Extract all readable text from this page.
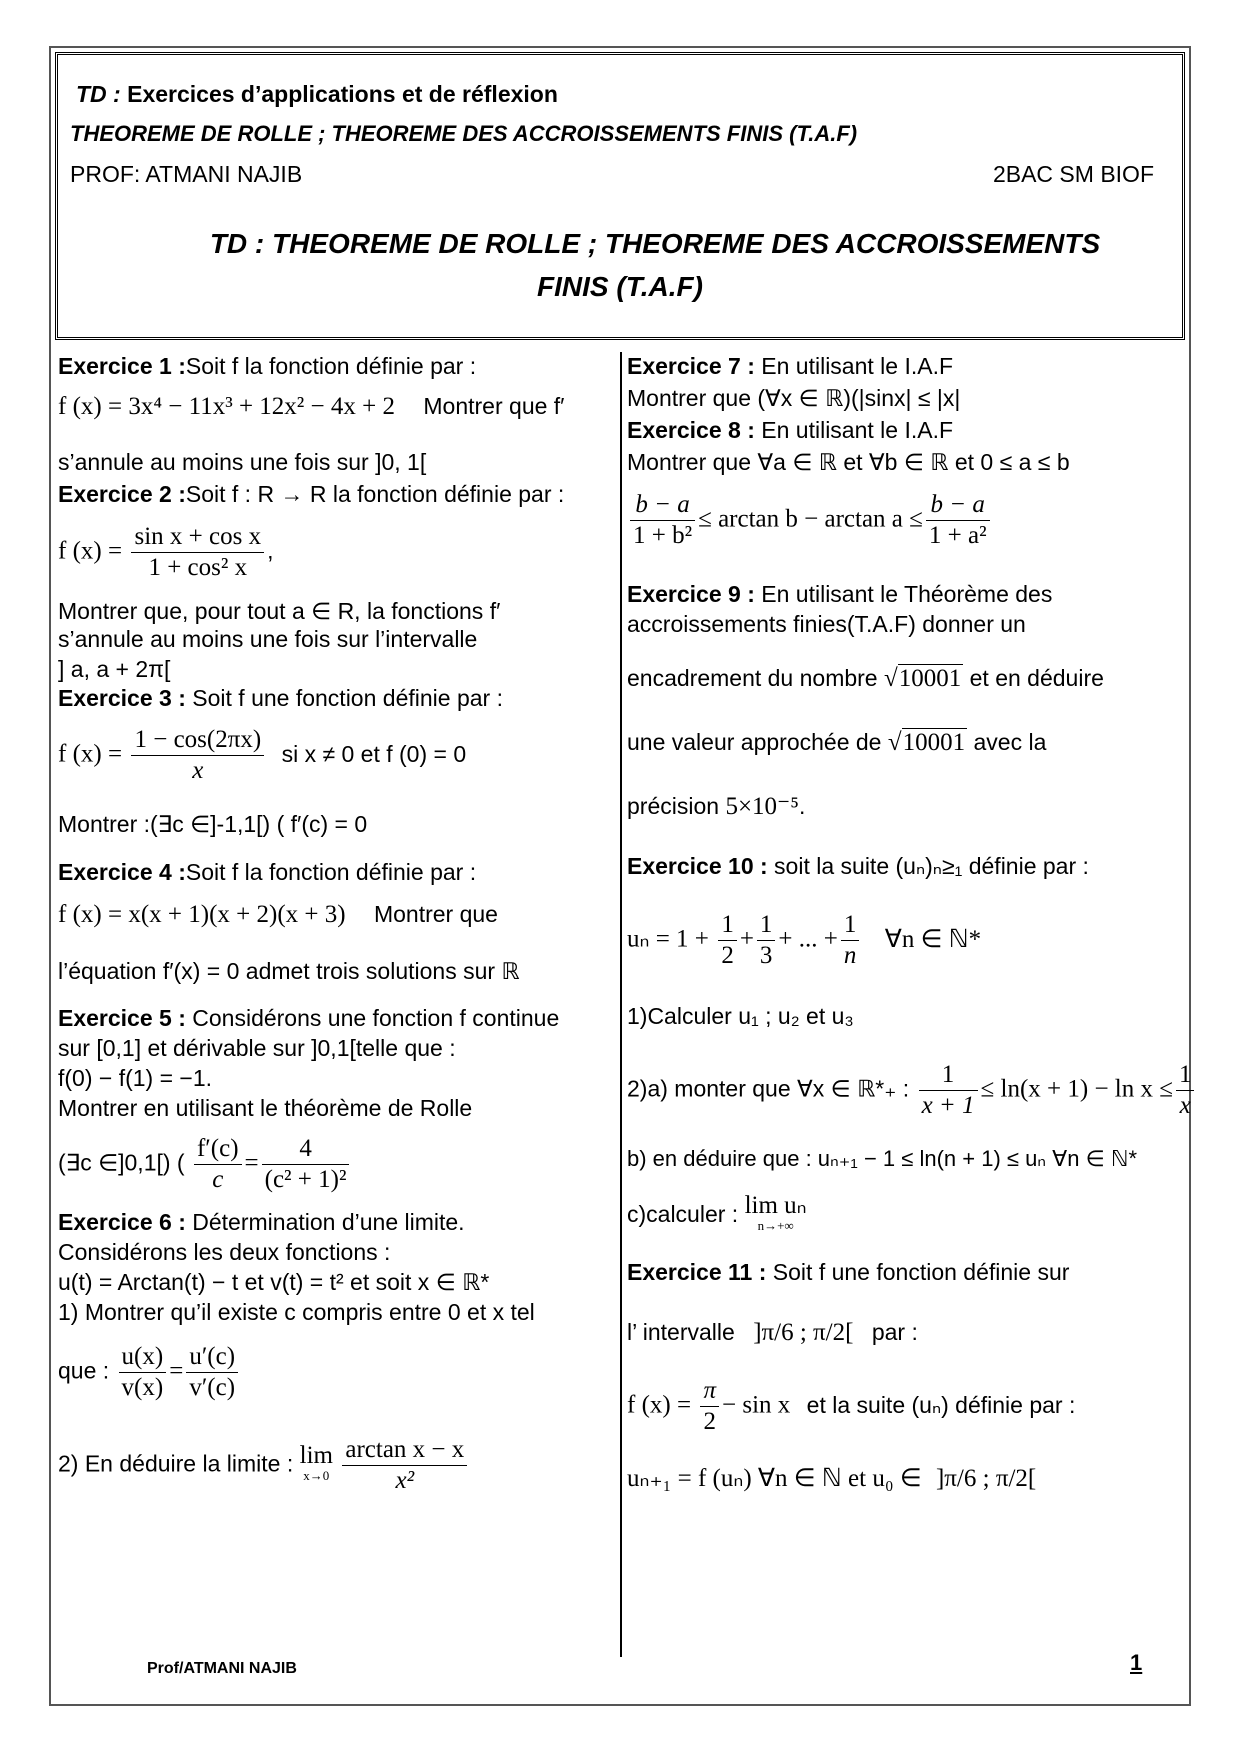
TD : Exercices d’applications et de réflexion
THEOREME DE ROLLE ; THEOREME DES ACCROISSEMENTS FINIS (T.A.F)
PROF: ATMANI NAJIB	2BAC SM BIOF
TD : THEOREME DE ROLLE ; THEOREME DES ACCROISSEMENTS
FINIS (T.A.F)
Exercice 1 :Soit f la fonction définie par :
f (x) = 3x⁴ − 11x³ + 12x² − 4x + 2 Montrer que f′
s’annule au moins une fois sur ]0, 1[
Exercice 2 :Soit f : R → R la fonction définie par :
f $(x) = \frac{\text{sin x + cos x}}{\text{1 + cos² x}}$ ,
Montrer que, pour tout a ∈ R, la fonctions f′
s’annule au moins une fois sur l’intervalle
] a, a + 2π[
Exercice 3 : Soit f une fonction définie par :
f $(x) = \frac{1 - \cos(2\pi x)}{x}$ si x ≠ 0 et f (0) = 0
Montrer :(∃c ∈]-1,1[) ( f′(c) = 0
Exercice 4 :Soit f la fonction définie par :
f (x) = x(x + 1)(x + 2)(x + 3) Montrer que
l’équation f′(x) = 0 admet trois solutions sur ℝ
Exercice 5 : Considérons une fonction f continue
sur [0,1] et dérivable sur ]0,1[telle que :
f(0) − f(1) = −1.
Montrer en utilisant le théorème de Rolle
(∃c ∈]0,1[) ( $\frac{f'(c)}{c} = \frac{4}{\text{(c² + 1)²}}$
Exercice 6 : Détermination d’une limite.
Considérons les deux fonctions :
u(t) = Arctan(t) − t et v(t) = t² et soit x ∈ ℝ*
1) Montrer qu’il existe c compris entre 0 et x tel
que : $\frac{u(x)}{v(x)} = \frac{u'(c)}{v'(c)}$
2) En déduire la limite : lim
x→0
$\frac{\text{arctan x − x}}{\text{x²}}$
Exercice 7 : En utilisant le I.A.F
Montrer que (∀x ∈ ℝ)(|sinx| ≤ |x|
Exercice 8 : En utilisant le I.A.F
Montrer que ∀a ∈ ℝ et ∀b ∈ ℝ et 0 ≤ a ≤ b
$\frac{b - a}{\text{1 + b²}} \le \arctan b - \arctan a \le \frac{b - a}{\text{1 + a²}}$
Exercice 9 : En utilisant le Théorème des
accroissements finies(T.A.F) donner un
encadrement du nombre √10001 et en déduire
une valeur approchée de √10001 avec la
précision 5×10⁻⁵.
Exercice 10 : soit la suite (uₙ)ₙ≥₁ définie par :
$u_n = 1 + \frac{1}{2} + \frac{1}{3}$ + ... + $\frac{1}{n}$ ∀n ∈ ℕ*
1)Calculer u₁ ; u₂ et u₃
2)a) monter que ∀x ∈ ℝ*₊ : $\frac{1}{x + 1} \le \ln(x + 1) - \ln x \le \frac{1}{x}$
b) en déduire que : uₙ₊₁ − 1 ≤ ln(n + 1) ≤ uₙ ∀n ∈ ℕ*
c)calculer : lim uₙ
n→+∞
Exercice 11 : Soit f une fonction définie sur
l’ intervalle ]π/6 ; π/2[ par :
f $(x) = \frac{\pi}{2} - \sin x$ et la suite (uₙ) définie par :
uₙ₊₁ = f (uₙ) ∀n ∈ ℕ et u₀ ∈ ]π/6 ; π/2[
Prof/ATMANI NAJIB	1
